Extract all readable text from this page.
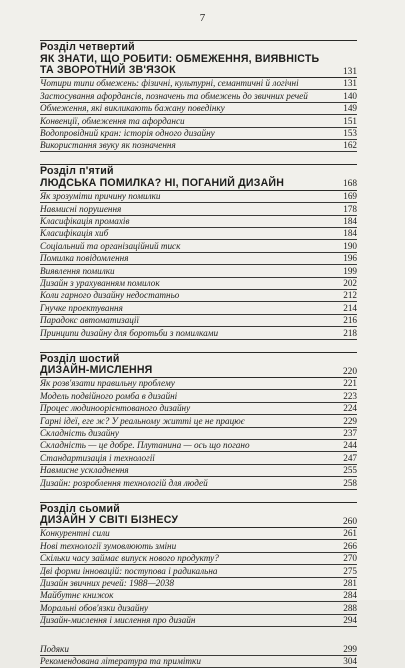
7
Розділ четвертий
ЯК ЗНАТИ, ЩО РОБИТИ: ОБМЕЖЕННЯ, ВИЯВНІСТЬ
ТА ЗВОРОТНИЙ ЗВ'ЯЗОК	131
Чотири типи обмежень: фізичні, культурні, семантичні й логічні	131
Застосування афордансів, позначень та обмежень до звичних речей	140
Обмеження, які викликають бажану поведінку	149
Конвенції, обмеження та афорданси	151
Водопровідний кран: історія одного дизайну	153
Використання звуку як позначення	162
Розділ п'ятий
ЛЮДСЬКА ПОМИЛКА? НІ, ПОГАНИЙ ДИЗАЙН	168
Як зрозуміти причину помилки	169
Навмисні порушення	178
Класифікація промахів	184
Класифікація хиб	184
Соціальний та організаційний тиск	190
Помилка повідомлення	196
Виявлення помилки	199
Дизайн з урахуванням помилок	202
Коли гарного дизайну недостатньо	212
Гнучке проектування	214
Парадокс автоматизації	216
Принципи дизайну для боротьби з помилками	218
Розділ шостий
ДИЗАЙН-МИСЛЕННЯ	220
Як розв'язати правильну проблему	221
Модель подвійного ромба в дизайні	223
Процес людиноорієнтованого дизайну	224
Гарні ідеї, еге ж? У реальному житті це не працює	229
Складність дизайну	237
Складність — це добре. Плутанина — ось що погано	244
Стандартизація і технології	247
Навмисне ускладнення	255
Дизайн: розроблення технологій для людей	258
Розділ сьомий
ДИЗАЙН У СВІТІ БІЗНЕСУ	260
Конкурентні сили	261
Нові технології зумовлюють зміни	266
Скільки часу займає випуск нового продукту?	270
Дві форми інновацій: поступова і радикальна	275
Дизайн звичних речей: 1988—2038	281
Майбутнє книжок	284
Моральні обов'язки дизайну	288
Дизайн-мислення і мислення про дизайн	294
Подяки	299
Рекомендована література та примітки	304
